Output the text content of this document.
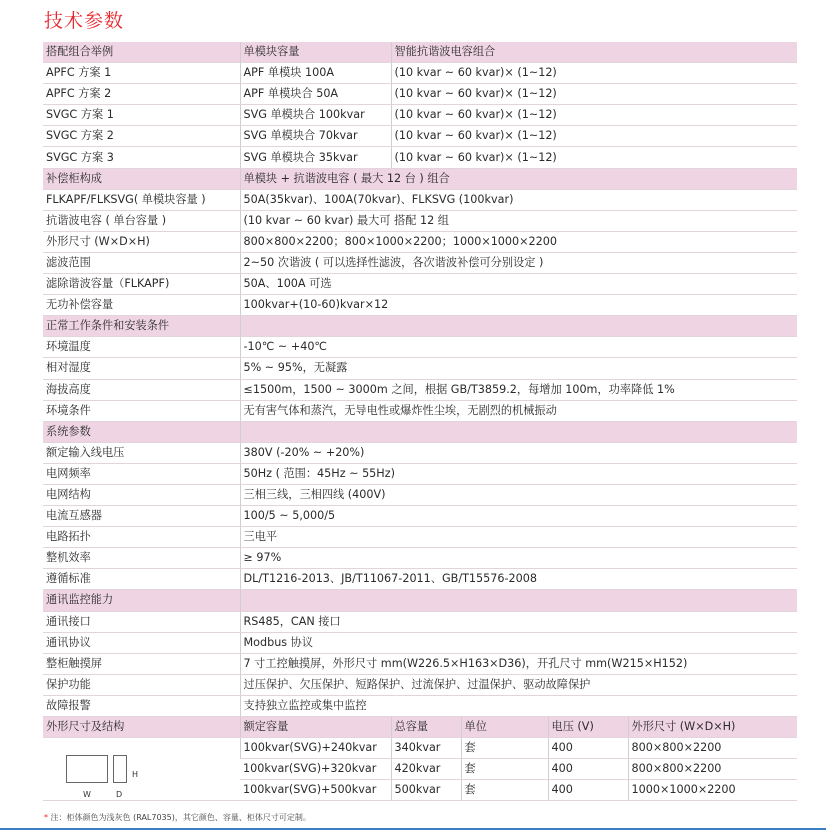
技术参数
搭配组合举例	单模块容量	智能抗谐波电容组合			
APFC 方案 1	APF 单模块 100A	(10 kvar ~ 60 kvar)× (1~12)			
APFC 方案 2	APF 单模块合 50A	(10 kvar ~ 60 kvar)× (1~12)			
SVGC 方案 1	SVG 单模块合 100kvar	(10 kvar ~ 60 kvar)× (1~12)			
SVGC 方案 2	SVG 单模块合 70kvar	(10 kvar ~ 60 kvar)× (1~12)			
SVGC 方案 3	SVG 单模块合 35kvar	(10 kvar ~ 60 kvar)× (1~12)			
补偿柜构成	单模块 + 抗谐波电容 ( 最大 12 台 ) 组合				
FLKAPF/FLKSVG( 单模块容量 )	50A(35kvar)、100A(70kvar)、FLKSVG (100kvar)				
抗谐波电容 ( 单台容量 )	(10 kvar ~ 60 kvar) 最大可 搭配 12 组				
外形尺寸 (W×D×H)	800×800×2200；800×1000×2200；1000×1000×2200				
滤波范围	2~50 次谐波 ( 可以选择性滤波，各次谐波补偿可分别设定 )				
滤除谐波容量（FLKAPF)	50A、100A 可选				
无功补偿容量	100kvar+(10-60)kvar×12				
正常工作条件和安装条件					
环境温度	-10℃ ~ +40℃				
相对湿度	5% ~ 95%，无凝露				
海拔高度	≤1500m，1500 ~ 3000m 之间，根据 GB/T3859.2，每增加 100m，功率降低 1%				
环境条件	无有害气体和蒸汽，无导电性或爆炸性尘埃，无剧烈的机械振动				
系统参数					
额定输入线电压	380V (-20% ~ +20%)				
电网频率	50Hz ( 范围：45Hz ~ 55Hz)				
电网结构	三相三线，三相四线 (400V)				
电流互感器	100/5 ~ 5,000/5				
电路拓扑	三电平				
整机效率	≥ 97%				
遵循标准	DL/T1216-2013、JB/T11067-2011、GB/T15576-2008				
通讯监控能力					
通讯接口	RS485，CAN 接口				
通讯协议	Modbus 协议				
整柜触摸屏	7 寸工控触摸屏，外形尺寸 mm(W226.5×H163×D36)，开孔尺寸 mm(W215×H152)				
保护功能	过压保护、欠压保护、短路保护、过流保护、过温保护、驱动故障保护				
故障报警	支持独立监控或集中监控				
外形尺寸及结构	额定容量	总容量	单位	电压 (V)	外形尺寸 (W×D×H)

H
W D	100kvar(SVG)+240kvar	340kvar	套	400	800×800×2200
	100kvar(SVG)+320kvar	420kvar	套	400	800×800×2200
	100kvar(SVG)+500kvar	500kvar	套	400	1000×1000×2200
* 注：柜体颜色为浅灰色 (RAL7035)，其它颜色、容量、柜体尺寸可定制。
